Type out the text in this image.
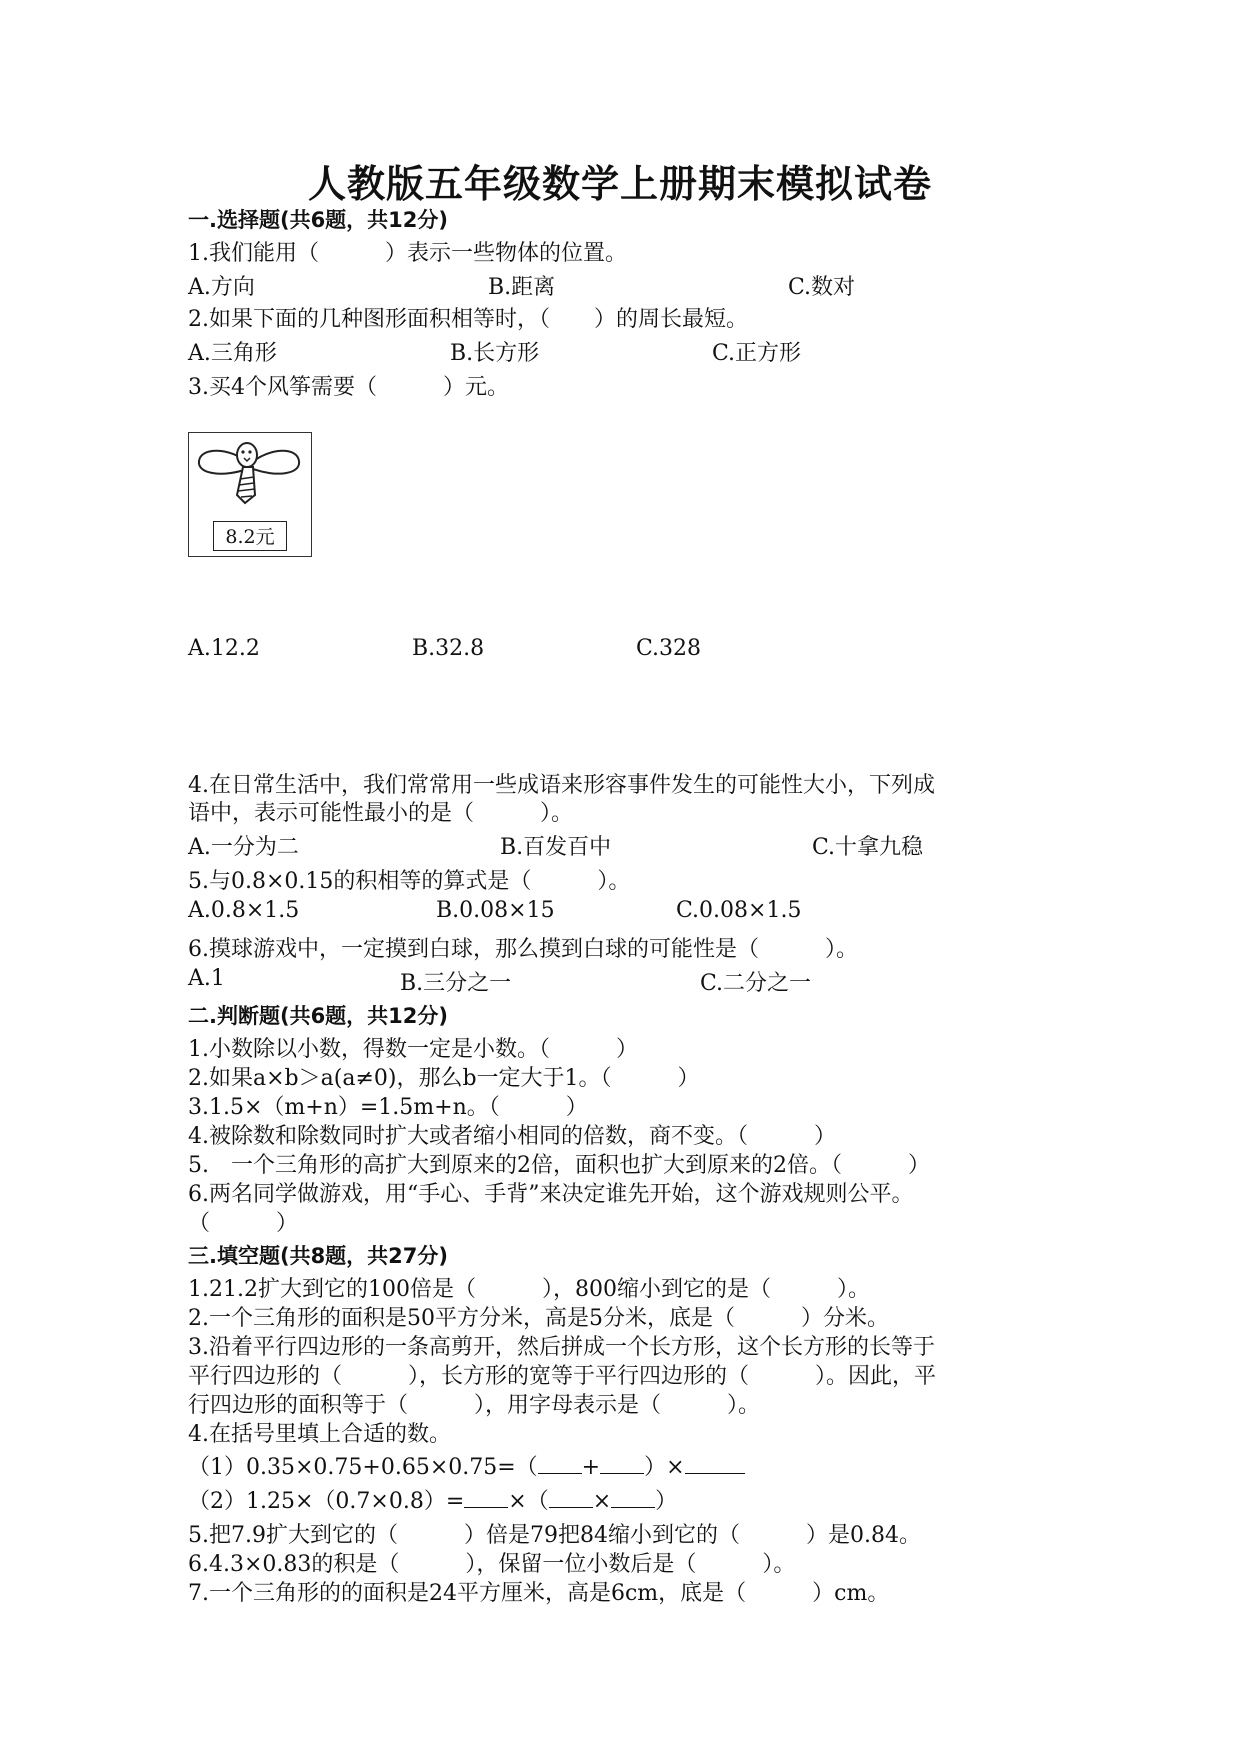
人教版五年级数学上册期末模拟试卷
一.选择题(共6题，共12分)
1.我们能用（　　　）表示一些物体的位置。
A.方向	B.距离	C.数对
2.如果下面的几种图形面积相等时，（　　）的周长最短。
A.三角形	B.长方形	C.正方形
3.买4个风筝需要（　　　）元。
8.2元
A.12.2	B.32.8	C.328
4.在日常生活中，我们常常用一些成语来形容事件发生的可能性大小，下列成
语中，表示可能性最小的是（　　　）。
A.一分为二	B.百发百中	C.十拿九稳
5.与0.8×0.15的积相等的算式是（　　　）。
A.0.8×1.5	B.0.08×15	C.0.08×1.5
6.摸球游戏中，一定摸到白球，那么摸到白球的可能性是（　　　）。
A.1	B.三分之一	C.二分之一
二.判断题(共6题，共12分)
1.小数除以小数，得数一定是小数。（　　　）
2.如果a×b＞a(a≠0)，那么b一定大于1。（　　　）
3.1.5×（m+n）=1.5m+n。（　　　）
4.被除数和除数同时扩大或者缩小相同的倍数，商不变。（　　　）
5.　一个三角形的高扩大到原来的2倍，面积也扩大到原来的2倍。（　　　）
6.两名同学做游戏，用“手心、手背”来决定谁先开始，这个游戏规则公平。
（　　　）
三.填空题(共8题，共27分)
1.21.2扩大到它的100倍是（　　　），800缩小到它的是（　　　）。
2.一个三角形的面积是50平方分米，高是5分米，底是（　　　）分米。
3.沿着平行四边形的一条高剪开，然后拼成一个长方形，这个长方形的长等于
平行四边形的（　　　），长方形的宽等于平行四边形的（　　　）。因此，平
行四边形的面积等于（　　　），用字母表示是（　　　）。
4.在括号里填上合适的数。
（1）0.35×0.75+0.65×0.75=（ + ）×
（2）1.25×（0.7×0.8）= ×（ × ）
5.把7.9扩大到它的（　　　）倍是79把84缩小到它的（　　　）是0.84。
6.4.3×0.83的积是（　　　），保留一位小数后是（　　　）。
7.一个三角形的的面积是24平方厘米，高是6cm，底是（　　　）cm。
